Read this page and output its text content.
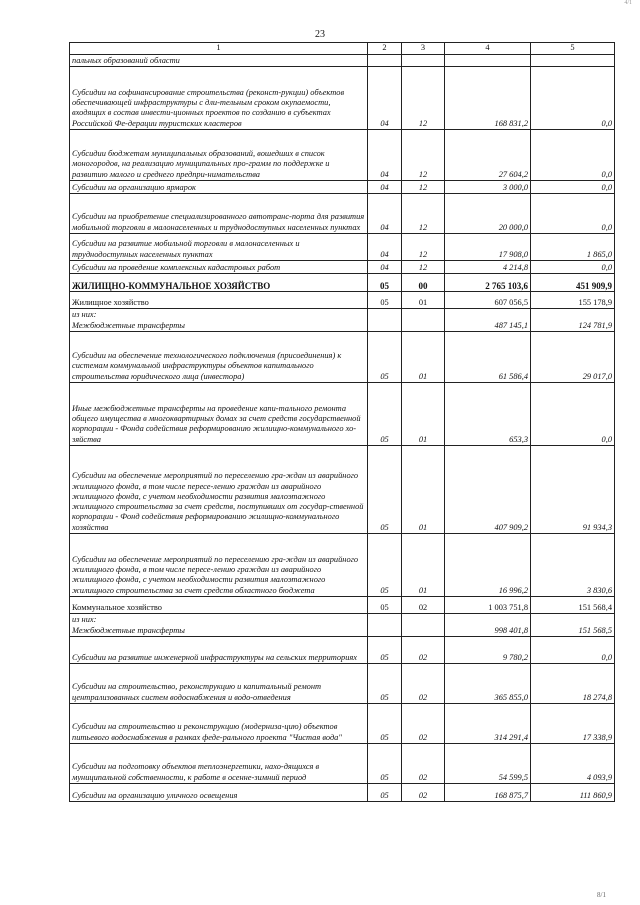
4/1
23
1	2	3	4	5
пальных образований области				
Субсидии на софинансирование строительства (реконст-рукции) объектов обеспечивающей инфраструктуры с дли-тельным сроком окупаемости, входящих в состав инвести-ционных проектов по созданию в субъектах Российской Фе-дерации туристских кластеров	04	12	168 831,2	0,0
Субсидии бюджетам муниципальных образований, вошедших в список моногородов, на реализацию муниципальных про-грамм по поддержке и развитию малого и среднего предпри-нимательства	04	12	27 604,2	0,0
Субсидии на организацию ярмарок	04	12	3 000,0	0,0
Субсидии на приобретение специализированного автотранс-порта для развития мобильной торговли в малонаселенных и труднодоступных населенных пунктах	04	12	20 000,0	0,0
Субсидии на развитие мобильной торговли в малонаселенных и труднодоступных населенных пунктах	04	12	17 908,0	1 865,0
Субсидии на проведение комплексных кадастровых работ	04	12	4 214,8	0,0
ЖИЛИЩНО-КОММУНАЛЬНОЕ ХОЗЯЙСТВО	05	00	2 765 103,6	451 909,9
Жилищное хозяйство	05	01	607 056,5	155 178,9
из них:
Межбюджетные трансферты			487 145,1	124 781,9
Субсидии на обеспечение технологического подключения (присоединения) к системам коммунальной инфраструктуры объектов капитального строительства юридического лица (инвестора)	05	01	61 586,4	29 017,0
Иные межбюджетные трансферты на проведение капи-тального ремонта общего имущества в многоквартирных домах за счет средств государственной корпорации - Фонда содействия реформированию жилищно-коммунального хо-зяйства	05	01	653,3	0,0
Субсидии на обеспечение мероприятий по переселению гра-ждан из аварийного жилищного фонда, в том числе пересе-лению граждан из аварийного жилищного фонда, с учетом необходимости развития малоэтажного жилищного строительства за счет средств, поступивших от государ-ственной корпорации - Фонд содействия реформированию жилищно-коммунального хозяйства	05	01	407 909,2	91 934,3
Субсидии на обеспечение мероприятий по переселению гра-ждан из аварийного жилищного фонда, в том числе пересе-лению граждан из аварийного жилищного фонда, с учетом необходимости развития малоэтажного жилищного строительства за счет средств областного бюджета	05	01	16 996,2	3 830,6
Коммунальное хозяйство	05	02	1 003 751,8	151 568,4
из них:
Межбюджетные трансферты			998 401,8	151 568,5
Субсидии на развитие инженерной инфраструктуры на сельских территориях	05	02	9 780,2	0,0
Субсидии на строительство, реконструкцию и капитальный ремонт централизованных систем водоснабжения и водо-отведения	05	02	365 855,0	18 274,8
Субсидии на строительство и реконструкцию (модерниза-цию) объектов питьевого водоснабжения в рамках феде-рального проекта "Чистая вода"	05	02	314 291,4	17 338,9
Субсидии на подготовку объектов теплоэнергетики, нахо-дящихся в муниципальной собственности, к работе в осенне-зимний период	05	02	54 599,5	4 093,9
Субсидии на организацию уличного освещения	05	02	168 875,7	111 860,9
8/1
